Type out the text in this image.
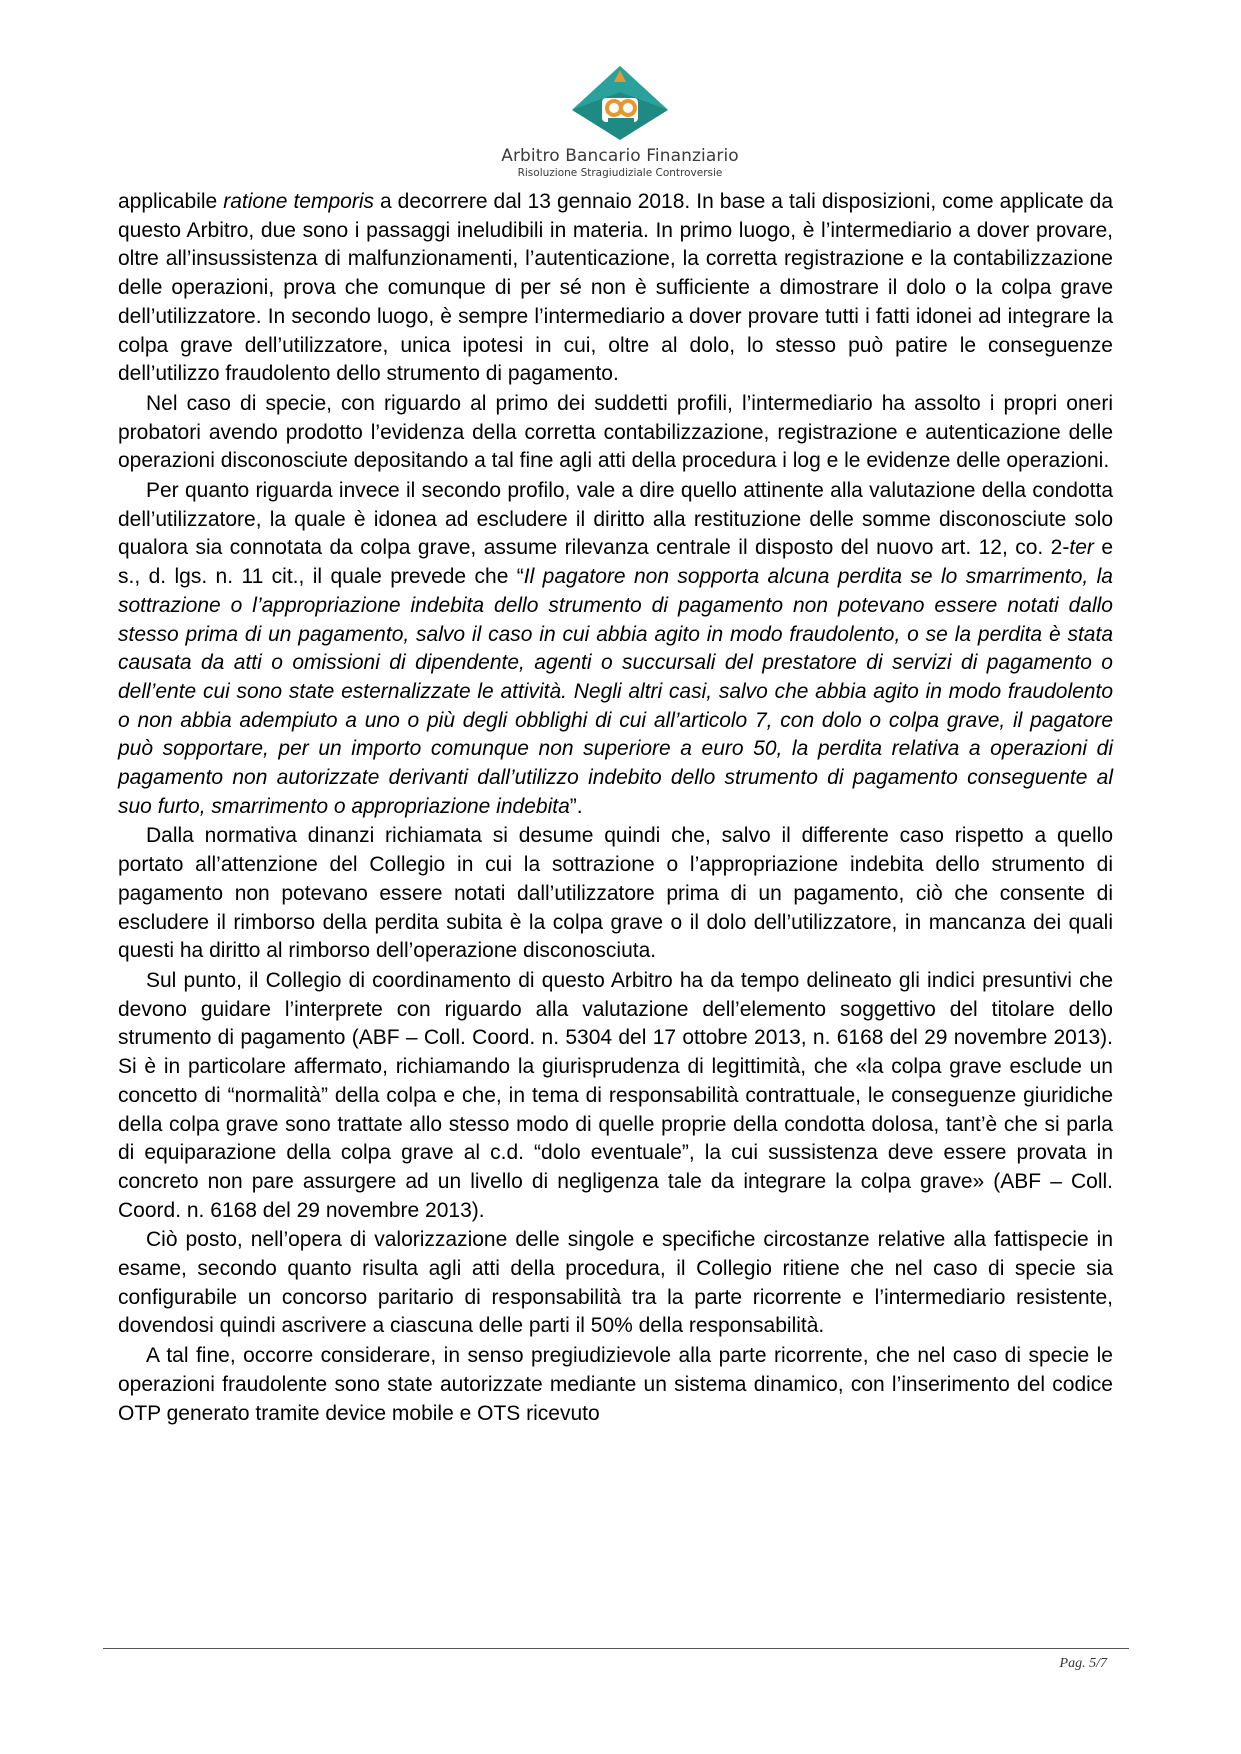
Arbitro Bancario Finanziario
Risoluzione Stragiudiziale Controversie

applicabile ratione temporis a decorrere dal 13 gennaio 2018. In base a tali disposizioni, come applicate da questo Arbitro, due sono i passaggi ineludibili in materia. In primo luogo, è l’intermediario a dover provare, oltre all’insussistenza di malfunzionamenti, l’autenticazione, la corretta registrazione e la contabilizzazione delle operazioni, prova che comunque di per sé non è sufficiente a dimostrare il dolo o la colpa grave dell’utilizzatore. In secondo luogo, è sempre l’intermediario a dover provare tutti i fatti idonei ad integrare la colpa grave dell’utilizzatore, unica ipotesi in cui, oltre al dolo, lo stesso può patire le conseguenze dell’utilizzo fraudolento dello strumento di pagamento.

Nel caso di specie, con riguardo al primo dei suddetti profili, l’intermediario ha assolto i propri oneri probatori avendo prodotto l’evidenza della corretta contabilizzazione, registrazione e autenticazione delle operazioni disconosciute depositando a tal fine agli atti della procedura i log e le evidenze delle operazioni.

Per quanto riguarda invece il secondo profilo, vale a dire quello attinente alla valutazione della condotta dell’utilizzatore, la quale è idonea ad escludere il diritto alla restituzione delle somme disconosciute solo qualora sia connotata da colpa grave, assume rilevanza centrale il disposto del nuovo art. 12, co. 2-ter e s., d. lgs. n. 11 cit., il quale prevede che “Il pagatore non sopporta alcuna perdita se lo smarrimento, la sottrazione o l’appropriazione indebita dello strumento di pagamento non potevano essere notati dallo stesso prima di un pagamento, salvo il caso in cui abbia agito in modo fraudolento, o se la perdita è stata causata da atti o omissioni di dipendente, agenti o succursali del prestatore di servizi di pagamento o dell’ente cui sono state esternalizzate le attività. Negli altri casi, salvo che abbia agito in modo fraudolento o non abbia adempiuto a uno o più degli obblighi di cui all’articolo 7, con dolo o colpa grave, il pagatore può sopportare, per un importo comunque non superiore a euro 50, la perdita relativa a operazioni di pagamento non autorizzate derivanti dall’utilizzo indebito dello strumento di pagamento conseguente al suo furto, smarrimento o appropriazione indebita”.

Dalla normativa dinanzi richiamata si desume quindi che, salvo il differente caso rispetto a quello portato all’attenzione del Collegio in cui la sottrazione o l’appropriazione indebita dello strumento di pagamento non potevano essere notati dall’utilizzatore prima di un pagamento, ciò che consente di escludere il rimborso della perdita subita è la colpa grave o il dolo dell’utilizzatore, in mancanza dei quali questi ha diritto al rimborso dell’operazione disconosciuta.

Sul punto, il Collegio di coordinamento di questo Arbitro ha da tempo delineato gli indici presuntivi che devono guidare l’interprete con riguardo alla valutazione dell’elemento soggettivo del titolare dello strumento di pagamento (ABF – Coll. Coord. n. 5304 del 17 ottobre 2013, n. 6168 del 29 novembre 2013). Si è in particolare affermato, richiamando la giurisprudenza di legittimità, che «la colpa grave esclude un concetto di “normalità” della colpa e che, in tema di responsabilità contrattuale, le conseguenze giuridiche della colpa grave sono trattate allo stesso modo di quelle proprie della condotta dolosa, tant’è che si parla di equiparazione della colpa grave al c.d. “dolo eventuale”, la cui sussistenza deve essere provata in concreto non pare assurgere ad un livello di negligenza tale da integrare la colpa grave» (ABF – Coll. Coord. n. 6168 del 29 novembre 2013).

Ciò posto, nell’opera di valorizzazione delle singole e specifiche circostanze relative alla fattispecie in esame, secondo quanto risulta agli atti della procedura, il Collegio ritiene che nel caso di specie sia configurabile un concorso paritario di responsabilità tra la parte ricorrente e l’intermediario resistente, dovendosi quindi ascrivere a ciascuna delle parti il 50% della responsabilità.

A tal fine, occorre considerare, in senso pregiudizievole alla parte ricorrente, che nel caso di specie le operazioni fraudolente sono state autorizzate mediante un sistema dinamico, con l’inserimento del codice OTP generato tramite device mobile e OTS ricevuto

Pag. 5/7
